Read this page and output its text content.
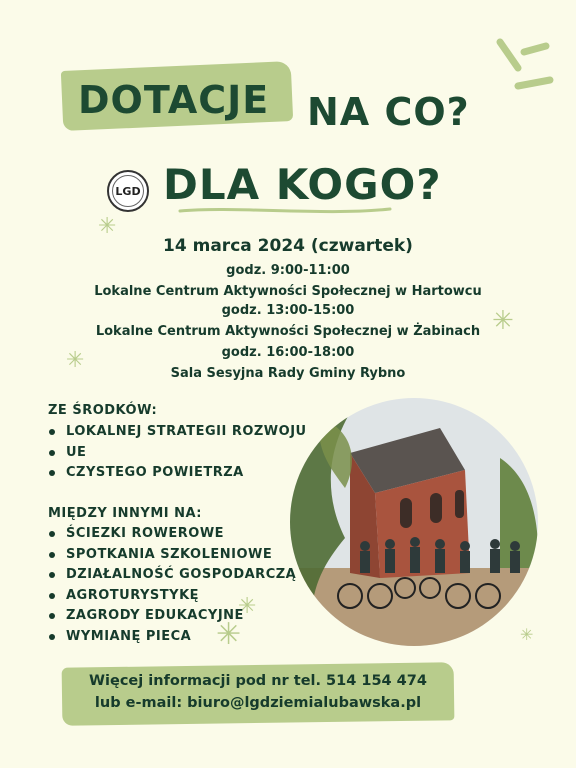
DOTACJE NA CO?
LGD DLA KOGO?
✳
✳
✳
✳
✳	✳
14 marca 2024 (czwartek)
godz. 9:00-11:00
Lokalne Centrum Aktywności Społecznej w Hartowcu
godz. 13:00-15:00
Lokalne Centrum Aktywności Społecznej w Żabinach
godz. 16:00-18:00
Sala Sesyjna Rady Gminy Rybno
ZE ŚRODKÓW:
LOKALNEJ STRATEGII ROZWOJU
UE
CZYSTEGO POWIETRZA
MIĘDZY INNYMI NA:
ŚCIEZKI ROWEROWE
SPOTKANIA SZKOLENIOWE
DZIAŁALNOŚĆ GOSPODARCZĄ
AGROTURYSTYKĘ
ZAGRODY EDUKACYJNE
WYMIANĘ PIECA
Więcej informacji pod nr tel. 514 154 474
lub e-mail: biuro@lgdziemialubawska.pl
